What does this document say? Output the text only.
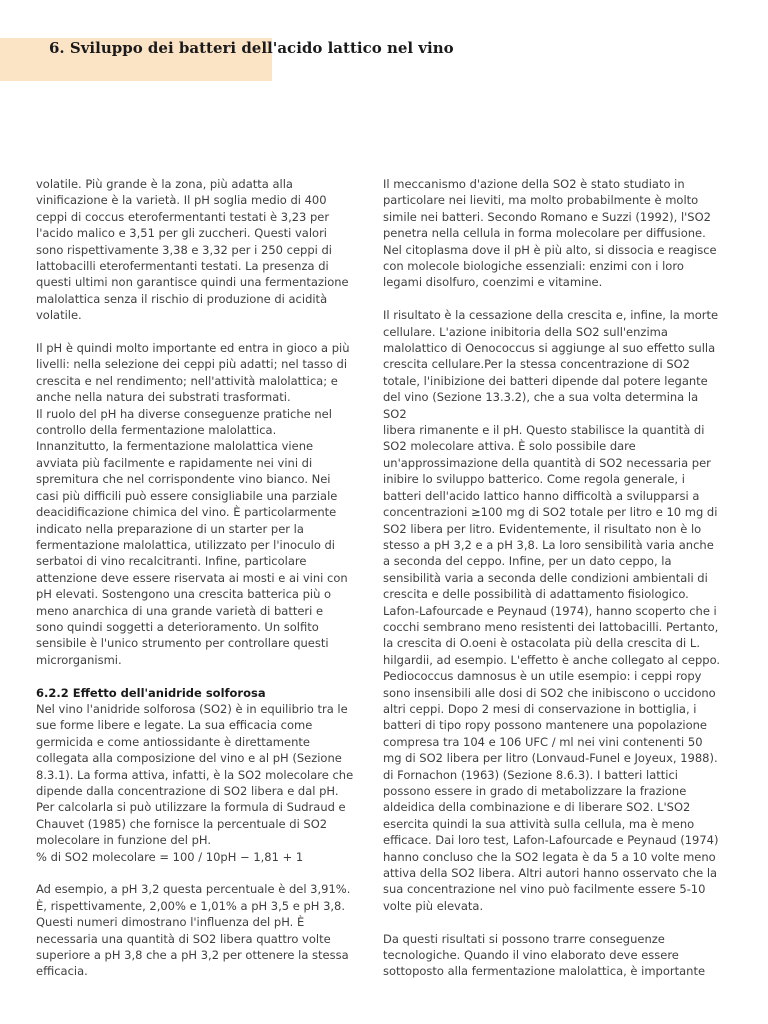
6. Sviluppo dei batteri dell'acido lattico nel vino

volatile. Più grande è la zona, più adatta alla
vinificazione è la varietà. Il pH soglia medio di 400
ceppi di coccus eterofermentanti testati è 3,23 per
l'acido malico e 3,51 per gli zuccheri. Questi valori
sono rispettivamente 3,38 e 3,32 per i 250 ceppi di
lattobacilli eterofermentanti testati. La presenza di
questi ultimi non garantisce quindi una fermentazione
malolattica senza il rischio di produzione di acidità
volatile.

Il pH è quindi molto importante ed entra in gioco a più
livelli: nella selezione dei ceppi più adatti; nel tasso di
crescita e nel rendimento; nell'attività malolattica; e
anche nella natura dei substrati trasformati.
Il ruolo del pH ha diverse conseguenze pratiche nel
controllo della fermentazione malolattica.
Innanzitutto, la fermentazione malolattica viene
avviata più facilmente e rapidamente nei vini di
spremitura che nel corrispondente vino bianco. Nei
casi più difficili può essere consigliabile una parziale
deacidificazione chimica del vino. È particolarmente
indicato nella preparazione di un starter per la
fermentazione malolattica, utilizzato per l'inoculo di
serbatoi di vino recalcitranti. Infine, particolare
attenzione deve essere riservata ai mosti e ai vini con
pH elevati. Sostengono una crescita batterica più o
meno anarchica di una grande varietà di batteri e
sono quindi soggetti a deterioramento. Un solfito
sensibile è l'unico strumento per controllare questi
microrganismi.

6.2.2 Effetto dell'anidride solforosa

Nel vino l'anidride solforosa (SO2) è in equilibrio tra le
sue forme libere e legate. La sua efficacia come
germicida e come antiossidante è direttamente
collegata alla composizione del vino e al pH (Sezione
8.3.1). La forma attiva, infatti, è la SO2 molecolare che
dipende dalla concentrazione di SO2 libera e dal pH.
Per calcolarla si può utilizzare la formula di Sudraud e
Chauvet (1985) che fornisce la percentuale di SO2
molecolare in funzione del pH.
% di SO2 molecolare = 100 / 10pH − 1,81 + 1

Ad esempio, a pH 3,2 questa percentuale è del 3,91%.
È, rispettivamente, 2,00% e 1,01% a pH 3,5 e pH 3,8.
Questi numeri dimostrano l'influenza del pH. È
necessaria una quantità di SO2 libera quattro volte
superiore a pH 3,8 che a pH 3,2 per ottenere la stessa
efficacia.

Il meccanismo d'azione della SO2 è stato studiato in
particolare nei lieviti, ma molto probabilmente è molto
simile nei batteri. Secondo Romano e Suzzi (1992), l'SO2
penetra nella cellula in forma molecolare per diffusione.
Nel citoplasma dove il pH è più alto, si dissocia e reagisce
con molecole biologiche essenziali: enzimi con i loro
legami disolfuro, coenzimi e vitamine.

Il risultato è la cessazione della crescita e, infine, la morte
cellulare. L'azione inibitoria della SO2 sull'enzima
malolattico di Oenococcus si aggiunge al suo effetto sulla
crescita cellulare.Per la stessa concentrazione di SO2
totale, l'inibizione dei batteri dipende dal potere legante
del vino (Sezione 13.3.2), che a sua volta determina la SO2
libera rimanente e il pH. Questo stabilisce la quantità di
SO2 molecolare attiva. È solo possibile dare
un'approssimazione della quantità di SO2 necessaria per
inibire lo sviluppo batterico. Come regola generale, i
batteri dell'acido lattico hanno difficoltà a svilupparsi a
concentrazioni ≥100 mg di SO2 totale per litro e 10 mg di
SO2 libera per litro. Evidentemente, il risultato non è lo
stesso a pH 3,2 e a pH 3,8. La loro sensibilità varia anche
a seconda del ceppo. Infine, per un dato ceppo, la
sensibilità varia a seconda delle condizioni ambientali di
crescita e delle possibilità di adattamento fisiologico.
Lafon-Lafourcade e Peynaud (1974), hanno scoperto che i
cocchi sembrano meno resistenti dei lattobacilli. Pertanto,
la crescita di O.oeni è ostacolata più della crescita di L.
hilgardii, ad esempio. L'effetto è anche collegato al ceppo.
Pediococcus damnosus è un utile esempio: i ceppi ropy
sono insensibili alle dosi di SO2 che inibiscono o uccidono
altri ceppi. Dopo 2 mesi di conservazione in bottiglia, i
batteri di tipo ropy possono mantenere una popolazione
compresa tra 104 e 106 UFC / ml nei vini contenenti 50
mg di SO2 libera per litro (Lonvaud-Funel e Joyeux, 1988).
di Fornachon (1963) (Sezione 8.6.3). I batteri lattici
possono essere in grado di metabolizzare la frazione
aldeidica della combinazione e di liberare SO2. L'SO2
esercita quindi la sua attività sulla cellula, ma è meno
efficace. Dai loro test, Lafon-Lafourcade e Peynaud (1974)
hanno concluso che la SO2 legata è da 5 a 10 volte meno
attiva della SO2 libera. Altri autori hanno osservato che la
sua concentrazione nel vino può facilmente essere 5-10
volte più elevata.

Da questi risultati si possono trarre conseguenze
tecnologiche. Quando il vino elaborato deve essere
sottoposto alla fermentazione malolattica, è importante
